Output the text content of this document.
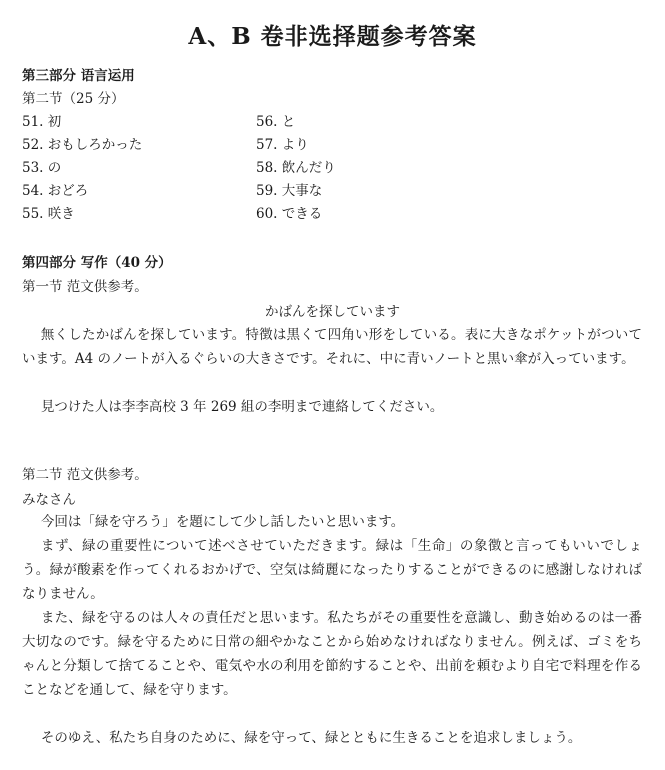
A、B 卷非选择题参考答案
第三部分 语言运用
第二节（25 分）
51. 初
52. おもしろかった
53. の
54. おどろ
55. 咲き
56. と
57. より
58. 飲んだり
59. 大事な
60. できる
第四部分 写作（40 分）
第一节 范文供参考。
かばんを探しています
無くしたかばんを探しています。特徴は黒くて四角い形をしている。表に大きなポケットがついています。A4 のノートが入るぐらいの大きさです。それに、中に青いノートと黒い傘が入っています。
見つけた人は李李高校 3 年 269 組の李明まで連絡してください。
第二节 范文供参考。
みなさん
今回は「緑を守ろう」を題にして少し話したいと思います。
まず、緑の重要性について述べさせていただきます。緑は「生命」の象徴と言ってもいいでしょう。緑が酸素を作ってくれるおかげで、空気は綺麗になったりすることができるのに感謝しなければなりません。
また、緑を守るのは人々の責任だと思います。私たちがその重要性を意識し、動き始めるのは一番大切なのです。緑を守るために日常の細やかなことから始めなければなりません。例えば、ゴミをちゃんと分類して捨てることや、電気や水の利用を節約することや、出前を頼むより自宅で料理を作ることなどを通して、緑を守ります。
そのゆえ、私たち自身のために、緑を守って、緑とともに生きることを追求しましょう。
